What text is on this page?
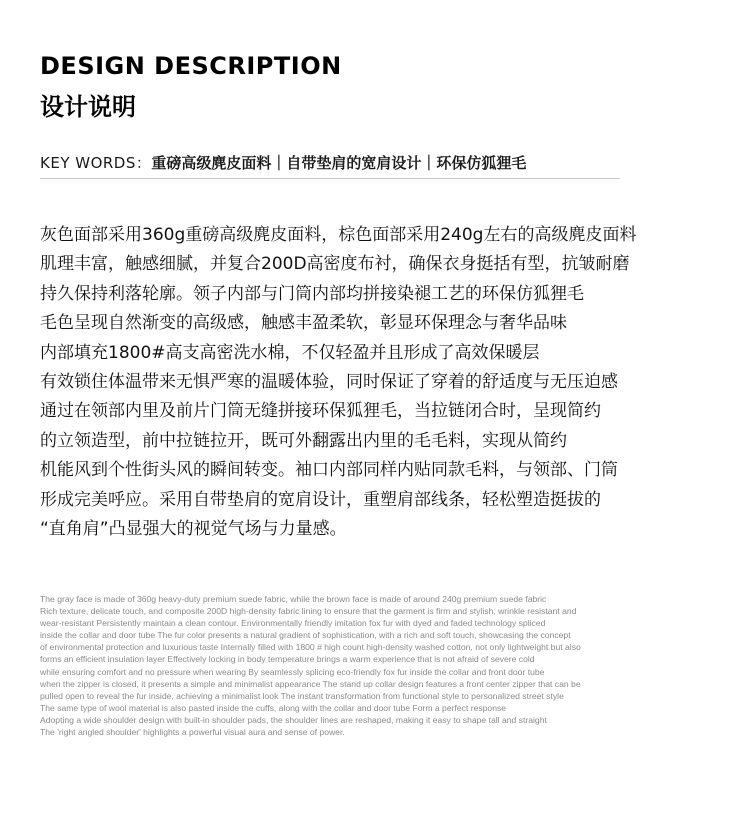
DESIGN DESCRIPTION
设计说明
KEY WORDS：重磅高级麂皮面料｜自带垫肩的宽肩设计｜环保仿狐狸毛
灰色面部采用360g重磅高级麂皮面料，棕色面部采用240g左右的高级麂皮面料
肌理丰富，触感细腻，并复合200D高密度布衬，确保衣身挺括有型，抗皱耐磨
持久保持利落轮廓。领子内部与门筒内部均拼接染褪工艺的环保仿狐狸毛
毛色呈现自然渐变的高级感，触感丰盈柔软，彰显环保理念与奢华品味
内部填充1800#高支高密洗水棉，不仅轻盈并且形成了高效保暖层
有效锁住体温带来无惧严寒的温暖体验，同时保证了穿着的舒适度与无压迫感
通过在领部内里及前片门筒无缝拼接环保狐狸毛，当拉链闭合时，呈现简约
的立领造型，前中拉链拉开，既可外翻露出内里的毛毛料，实现从简约
机能风到个性街头风的瞬间转变。袖口内部同样内贴同款毛料，与领部、门筒
形成完美呼应。采用自带垫肩的宽肩设计，重塑肩部线条，轻松塑造挺拔的
“直角肩”凸显强大的视觉气场与力量感。
The gray face is made of 360g heavy-duty premium suede fabric, while the brown face is made of around 240g premium suede fabric
Rich texture, delicate touch, and composite 200D high-density fabric lining to ensure that the garment is firm and stylish, wrinkle resistant and
wear-resistant Persistently maintain a clean contour. Environmentally friendly imitation fox fur with dyed and faded technology spliced
inside the collar and door tube The fur color presents a natural gradient of sophistication, with a rich and soft touch, showcasing the concept
of environmental protection and luxurious taste Internally filled with 1800 # high count high-density washed cotton, not only lightweight but also
forms an efficient insulation layer Effectively locking in body temperature brings a warm experience that is not afraid of severe cold
while ensuring comfort and no pressure when wearing By seamlessly splicing eco-friendly fox fur inside the collar and front door tube
when the zipper is closed, it presents a simple and minimalist appearance The stand up collar design features a front center zipper that can be
pulled open to reveal the fur inside, achieving a minimalist look The instant transformation from functional style to personalized street style
The same type of wool material is also pasted inside the cuffs, along with the collar and door tube Form a perfect response
Adopting a wide shoulder design with built-in shoulder pads, the shoulder lines are reshaped, making it easy to shape tall and straight
The 'right angled shoulder' highlights a powerful visual aura and sense of power.
